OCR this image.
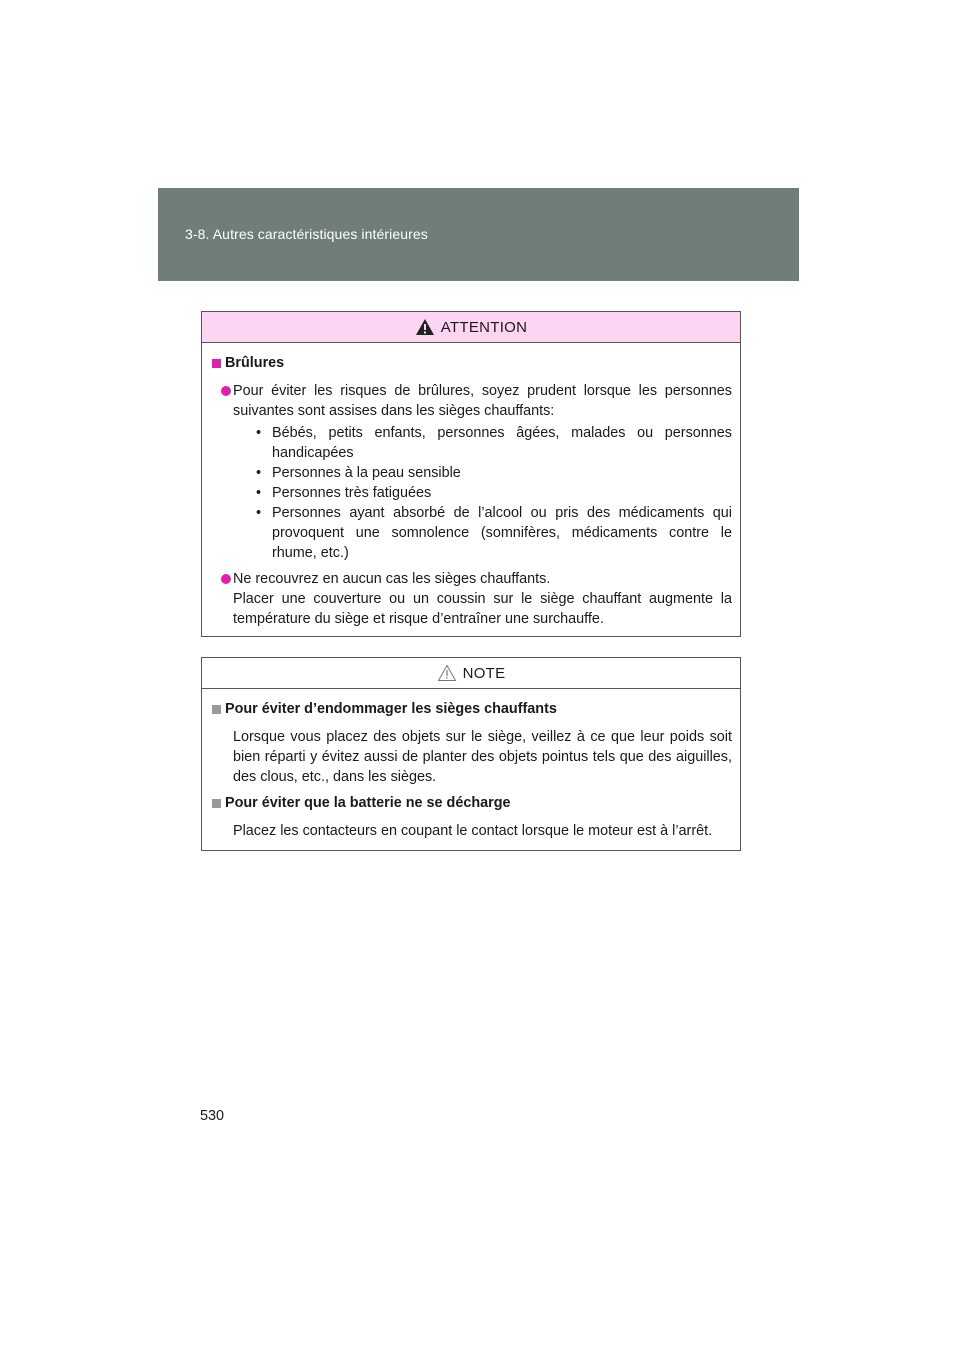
3-8. Autres caractéristiques intérieures
ATTENTION
Brûlures
Pour éviter les risques de brûlures, soyez prudent lorsque les personnes suivantes sont assises dans les sièges chauffants:
• Bébés, petits enfants, personnes âgées, malades ou personnes handicapées
• Personnes à la peau sensible
• Personnes très fatiguées
• Personnes ayant absorbé de l’alcool ou pris des médicaments qui provoquent une somnolence (somnifères, médicaments contre le rhume, etc.)
Ne recouvrez en aucun cas les sièges chauffants.
Placer une couverture ou un coussin sur le siège chauffant augmente la température du siège et risque d’entraîner une surchauffe.
NOTE
Pour éviter d’endommager les sièges chauffants
Lorsque vous placez des objets sur le siège, veillez à ce que leur poids soit bien réparti y évitez aussi de planter des objets pointus tels que des aiguilles, des clous, etc., dans les sièges.
Pour éviter que la batterie ne se décharge
Placez les contacteurs en coupant le contact lorsque le moteur est à l’arrêt.
530
